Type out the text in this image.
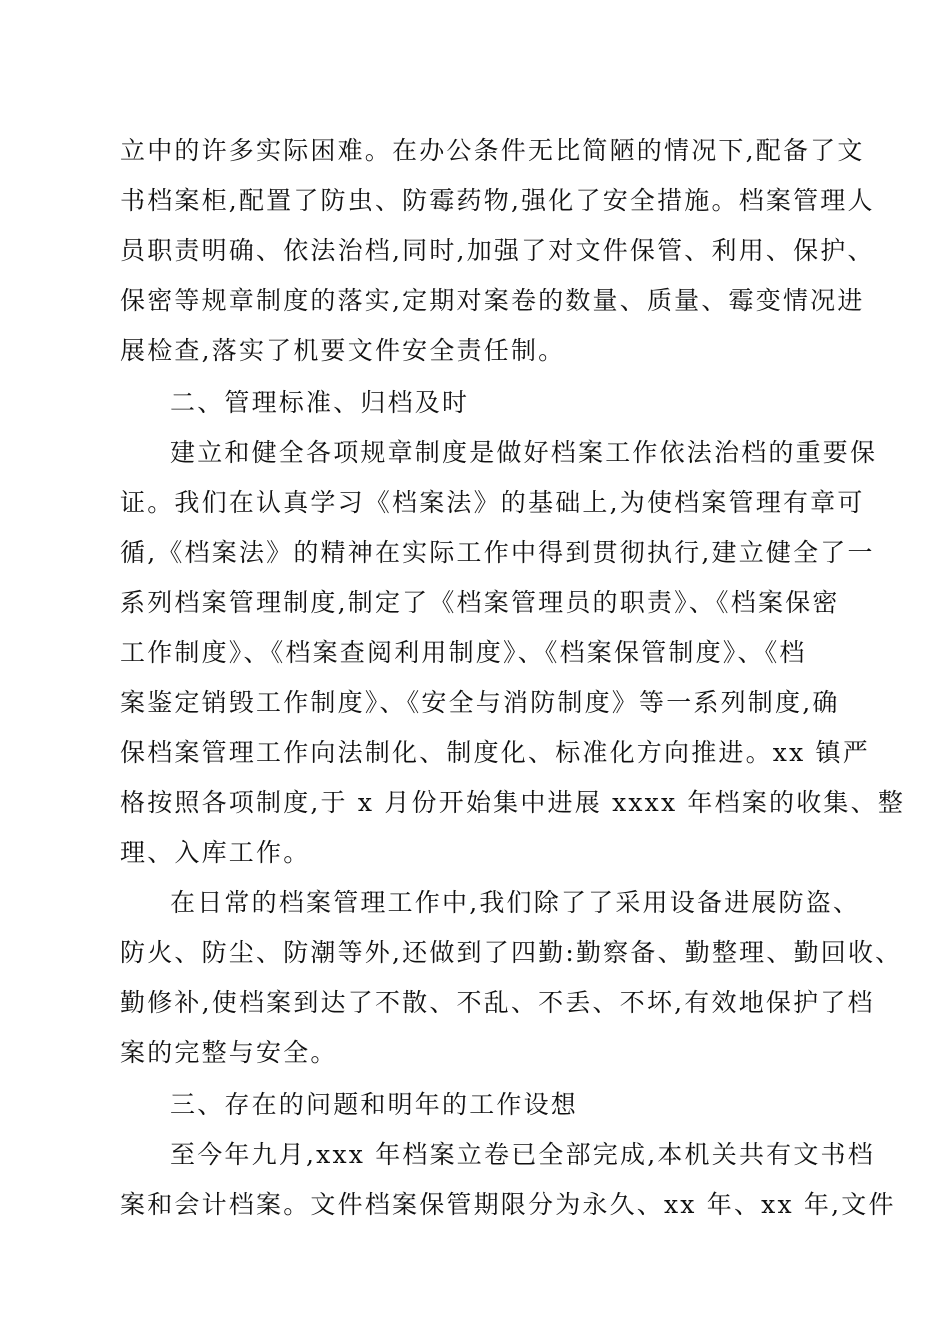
立中的许多实际困难。在办公条件无比简陋的情况下,配备了文
书档案柜,配置了防虫、防霉药物,强化了安全措施。档案管理人
员职责明确、依法治档,同时,加强了对文件保管、利用、保护、
保密等规章制度的落实,定期对案卷的数量、质量、霉变情况进
展检查,落实了机要文件安全责任制。
二、管理标准、归档及时
建立和健全各项规章制度是做好档案工作依法治档的重要保
证。我们在认真学习《档案法》的基础上,为使档案管理有章可
循,《档案法》的精神在实际工作中得到贯彻执行,建立健全了一
系列档案管理制度,制定了《档案管理员的职责》、《档案保密
工作制度》、《档案查阅利用制度》、《档案保管制度》、《档
案鉴定销毁工作制度》、《安全与消防制度》等一系列制度,确
保档案管理工作向法制化、制度化、标准化方向推进。xx 镇严
格按照各项制度,于 x 月份开始集中进展 xxxx 年档案的收集、整
理、入库工作。
在日常的档案管理工作中,我们除了了采用设备进展防盗、
防火、防尘、防潮等外,还做到了四勤:勤察备、勤整理、勤回收、
勤修补,使档案到达了不散、不乱、不丢、不坏,有效地保护了档
案的完整与安全。
三、存在的问题和明年的工作设想
至今年九月,xxx 年档案立卷已全部完成,本机关共有文书档
案和会计档案。文件档案保管期限分为永久、xx 年、xx 年,文件
